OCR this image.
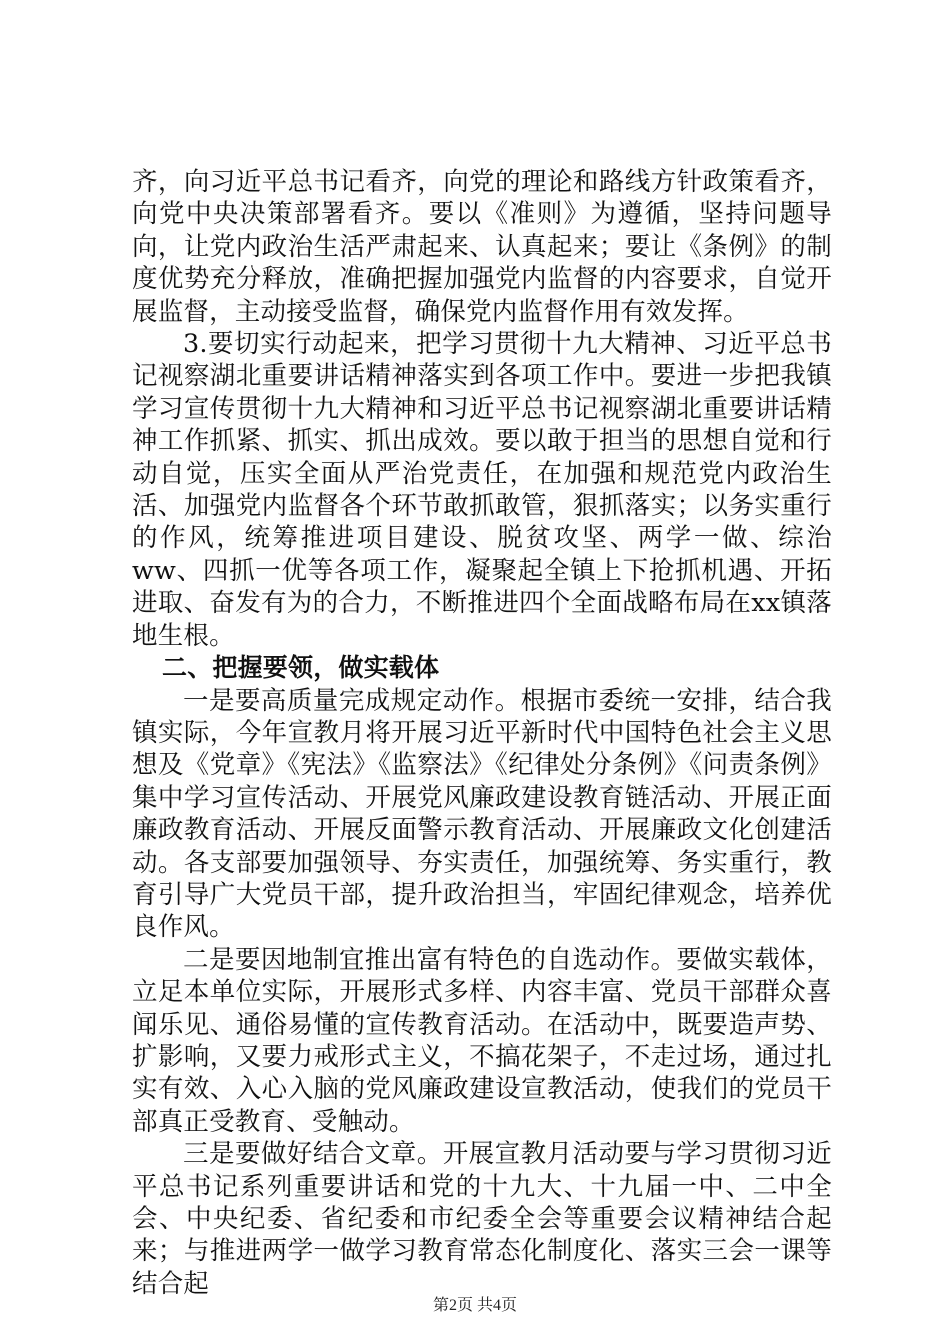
齐，向习近平总书记看齐，向党的理论和路线方针政策看齐，向党中央决策部署看齐。要以《准则》为遵循，坚持问题导向，让党内政治生活严肃起来、认真起来；要让《条例》的制度优势充分释放，准确把握加强党内监督的内容要求，自觉开展监督，主动接受监督，确保党内监督作用有效发挥。

3.要切实行动起来，把学习贯彻十九大精神、习近平总书记视察湖北重要讲话精神落实到各项工作中。要进一步把我镇学习宣传贯彻十九大精神和习近平总书记视察湖北重要讲话精神工作抓紧、抓实、抓出成效。要以敢于担当的思想自觉和行动自觉，压实全面从严治党责任，在加强和规范党内政治生活、加强党内监督各个环节敢抓敢管，狠抓落实；以务实重行的作风，统筹推进项目建设、脱贫攻坚、两学一做、综治ww、四抓一优等各项工作，凝聚起全镇上下抢抓机遇、开拓进取、奋发有为的合力，不断推进四个全面战略布局在xx镇落地生根。

二、把握要领，做实载体

一是要高质量完成规定动作。根据市委统一安排，结合我镇实际，今年宣教月将开展习近平新时代中国特色社会主义思想及《党章》《宪法》《监察法》《纪律处分条例》《问责条例》集中学习宣传活动、开展党风廉政建设教育链活动、开展正面廉政教育活动、开展反面警示教育活动、开展廉政文化创建活动。各支部要加强领导、夯实责任，加强统筹、务实重行，教育引导广大党员干部，提升政治担当，牢固纪律观念，培养优良作风。

二是要因地制宜推出富有特色的自选动作。要做实载体，立足本单位实际，开展形式多样、内容丰富、党员干部群众喜闻乐见、通俗易懂的宣传教育活动。在活动中，既要造声势、扩影响，又要力戒形式主义，不搞花架子，不走过场，通过扎实有效、入心入脑的党风廉政建设宣教活动，使我们的党员干部真正受教育、受触动。

三是要做好结合文章。开展宣教月活动要与学习贯彻习近平总书记系列重要讲话和党的十九大、十九届一中、二中全会、中央纪委、省纪委和市纪委全会等重要会议精神结合起来；与推进两学一做学习教育常态化制度化、落实三会一课等结合起

第2页 共4页
